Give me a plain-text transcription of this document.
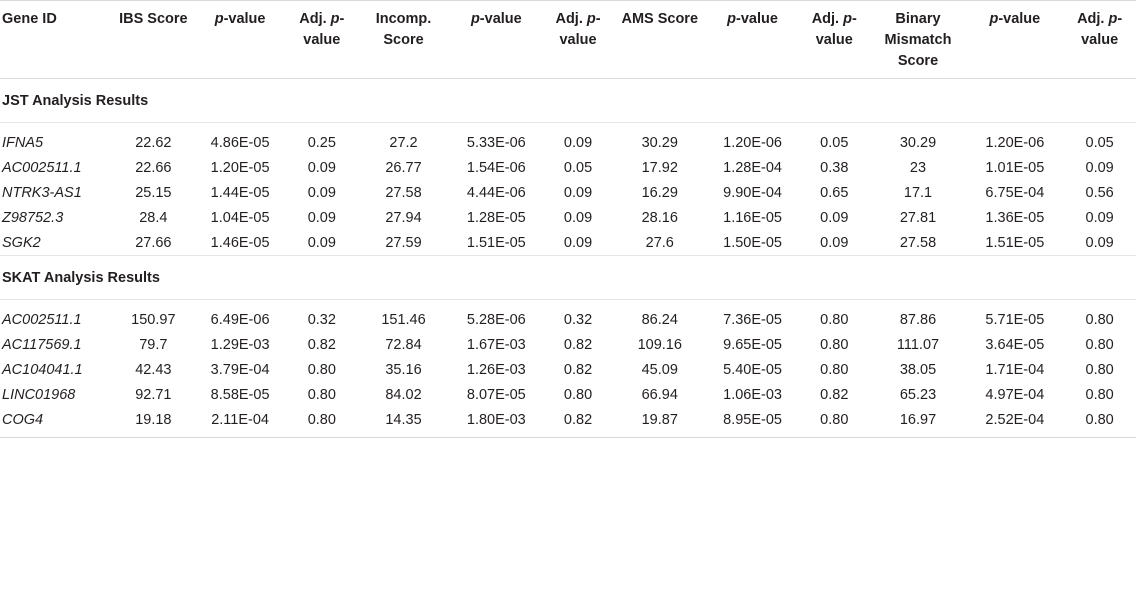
Gene ID	IBS Score	p-value	Adj. p-value	Incomp. Score	p-value	Adj. p-value	AMS Score	p-value	Adj. p-value	Binary Mismatch Score	p-value	Adj. p-value
JST Analysis Results												
IFNA5	22.62	4.86E-05	0.25	27.2	5.33E-06	0.09	30.29	1.20E-06	0.05	30.29	1.20E-06	0.05
AC002511.1	22.66	1.20E-05	0.09	26.77	1.54E-06	0.05	17.92	1.28E-04	0.38	23	1.01E-05	0.09
NTRK3-AS1	25.15	1.44E-05	0.09	27.58	4.44E-06	0.09	16.29	9.90E-04	0.65	17.1	6.75E-04	0.56
Z98752.3	28.4	1.04E-05	0.09	27.94	1.28E-05	0.09	28.16	1.16E-05	0.09	27.81	1.36E-05	0.09
SGK2	27.66	1.46E-05	0.09	27.59	1.51E-05	0.09	27.6	1.50E-05	0.09	27.58	1.51E-05	0.09
SKAT Analysis Results												
AC002511.1	150.97	6.49E-06	0.32	151.46	5.28E-06	0.32	86.24	7.36E-05	0.80	87.86	5.71E-05	0.80
AC117569.1	79.7	1.29E-03	0.82	72.84	1.67E-03	0.82	109.16	9.65E-05	0.80	111.07	3.64E-05	0.80
AC104041.1	42.43	3.79E-04	0.80	35.16	1.26E-03	0.82	45.09	5.40E-05	0.80	38.05	1.71E-04	0.80
LINC01968	92.71	8.58E-05	0.80	84.02	8.07E-05	0.80	66.94	1.06E-03	0.82	65.23	4.97E-04	0.80
COG4	19.18	2.11E-04	0.80	14.35	1.80E-03	0.82	19.87	8.95E-05	0.80	16.97	2.52E-04	0.80
